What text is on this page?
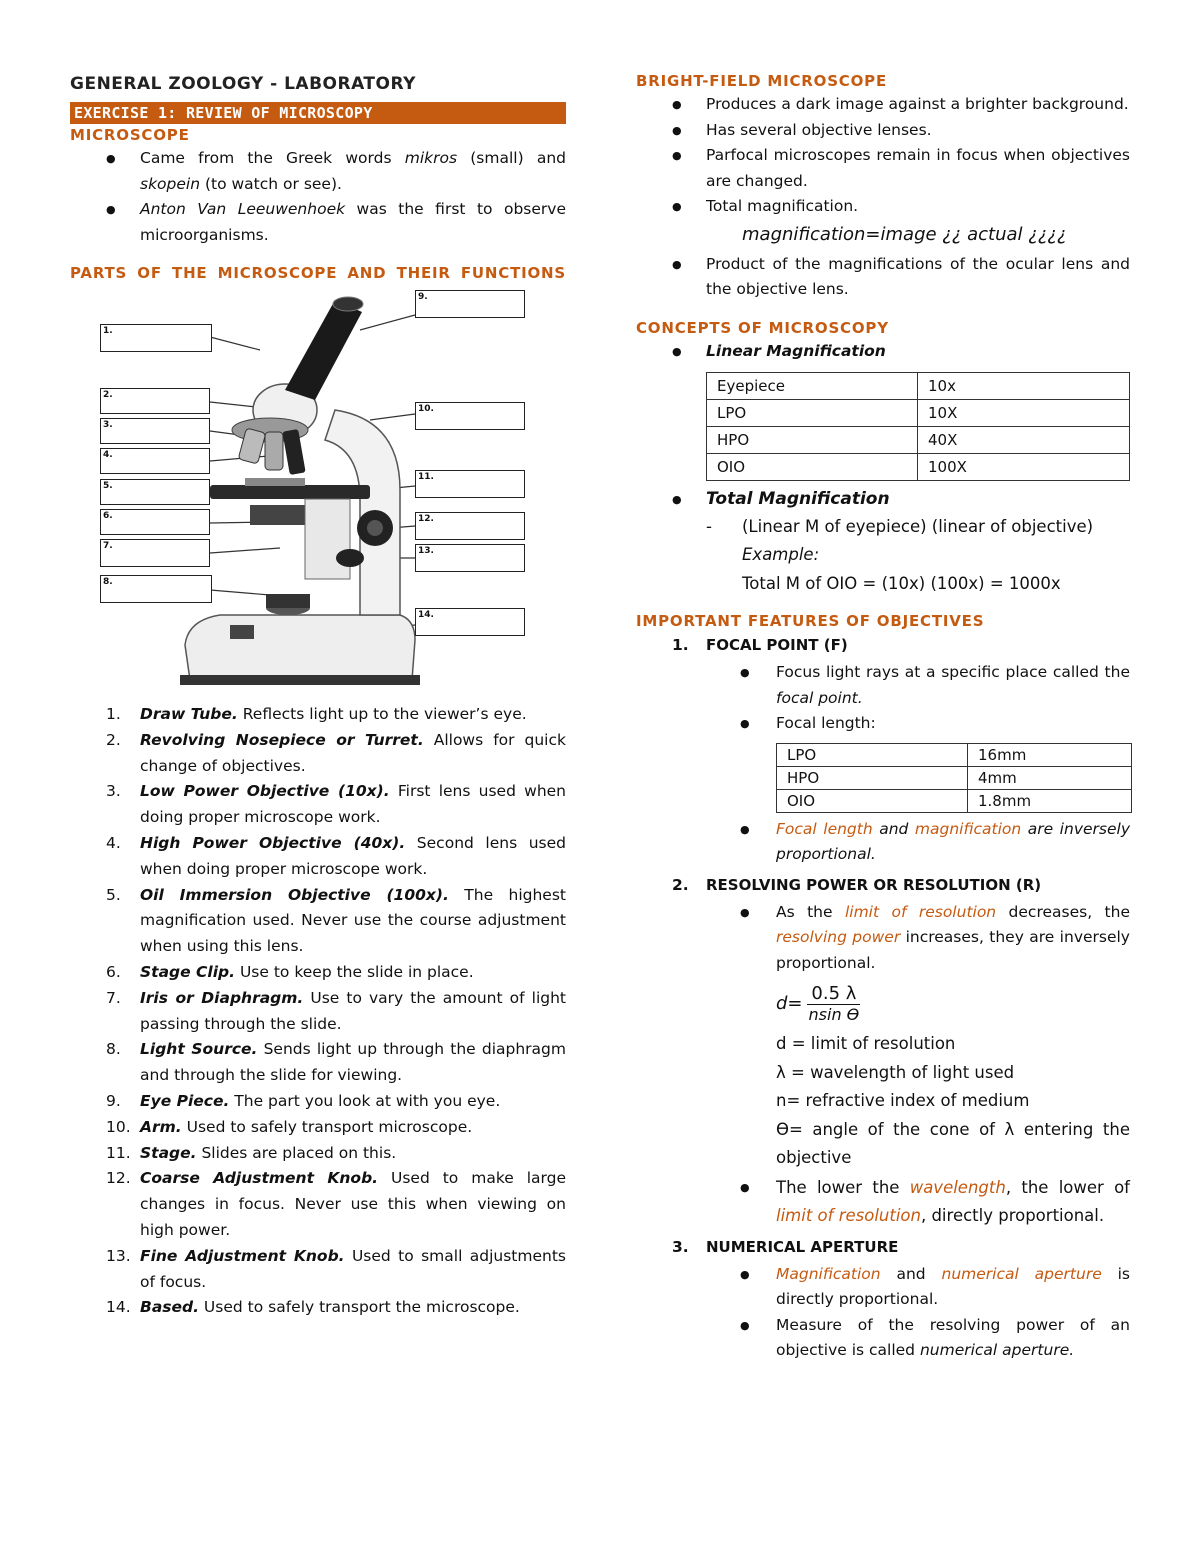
GENERAL ZOOLOGY - LABORATORY
EXERCISE 1: REVIEW OF MICROSCOPY
MICROSCOPE
● Came from the Greek words mikros (small) and skopein (to watch or see).
● Anton Van Leeuwenhoek was the first to observe microorganisms.
PARTS OF THE MICROSCOPE AND THEIR FUNCTIONS
1.
2.
3.
4.
5.
6.
7.
8.
9.
10.
11.
12.
13.
14.
1. Draw Tube. Reflects light up to the viewer’s eye.
2. Revolving Nosepiece or Turret. Allows for quick change of objectives.
3. Low Power Objective (10x). First lens used when doing proper microscope work.
4. High Power Objective (40x). Second lens used when doing proper microscope work.
5. Oil Immersion Objective (100x). The highest magnification used. Never use the course adjustment when using this lens.
6. Stage Clip. Use to keep the slide in place.
7. Iris or Diaphragm. Use to vary the amount of light passing through the slide.
8. Light Source. Sends light up through the diaphragm and through the slide for viewing.
9. Eye Piece. The part you look at with you eye.
10. Arm. Used to safely transport microscope.
11. Stage. Slides are placed on this.
12. Coarse Adjustment Knob. Used to make large changes in focus. Never use this when viewing on high power.
13. Fine Adjustment Knob. Used to small adjustments of focus.
14. Based. Used to safely transport the microscope.
BRIGHT-FIELD MICROSCOPE
● Produces a dark image against a brighter background.
● Has several objective lenses.
● Parfocal microscopes remain in focus when objectives are changed.
● Total magnification.
magnification=image ¿¿ actual ¿¿¿¿
● Product of the magnifications of the ocular lens and the objective lens.
CONCEPTS OF MICROSCOPY
● Linear Magnification
Eyepiece	10x
LPO	10X
HPO	40X
OIO	100X
● Total Magnification
- (Linear M of eyepiece) (linear of objective)
Example:
Total M of OIO = (10x) (100x) = 1000x
IMPORTANT FEATURES OF OBJECTIVES
1. FOCAL POINT (F)
● Focus light rays at a specific place called the focal point.
● Focal length:
LPO	16mm
HPO	4mm
OIO	1.8mm
● Focal length and magnification are inversely proportional.
2. RESOLVING POWER OR RESOLUTION (R)
● As the limit of resolution decreases, the resolving power increases, they are inversely proportional.
$d= \frac{0.5 \lambda}{\text{nsin ϴ}}$
d = limit of resolution
λ = wavelength of light used
n= refractive index of medium
ϴ= angle of the cone of λ entering the objective
● The lower the wavelength, the lower of limit of resolution, directly proportional.
3. NUMERICAL APERTURE
● Magnification and numerical aperture is directly proportional.
● Measure of the resolving power of an objective is called numerical aperture.
